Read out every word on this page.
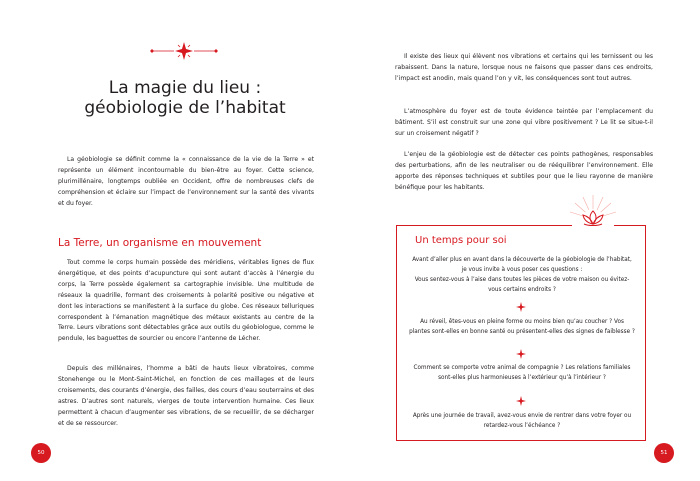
La magie du lieu :
géobiologie de l’habitat

La géobiologie se définit comme la « connaissance de la vie de la Terre » et représente un élément incontournable du bien-être au foyer. Cette science, plurimillénaire, longtemps oubliée en Occident, offre de nombreuses clefs de compréhension et éclaire sur l’impact de l’environnement sur la santé des vivants et du foyer.

La Terre, un organisme en mouvement

Tout comme le corps humain possède des méridiens, véritables lignes de flux énergétique, et des points d’acupuncture qui sont autant d’accès à l’énergie du corps, la Terre possède également sa cartographie invisible. Une multitude de réseaux la quadrille, formant des croisements à polarité positive ou négative et dont les interactions se manifestent à la surface du globe. Ces réseaux telluriques correspondent à l’émanation magnétique des métaux existants au centre de la Terre. Leurs vibrations sont détectables grâce aux outils du géobiologue, comme le pendule, les baguettes de sourcier ou encore l’antenne de Lécher.

Depuis des millénaires, l’homme a bâti de hauts lieux vibratoires, comme Stonehenge ou le Mont-Saint-Michel, en fonction de ces maillages et de leurs croisements, des courants d’énergie, des failles, des cours d’eau souterrains et des astres. D’autres sont naturels, vierges de toute intervention humaine. Ces lieux permettent à chacun d’augmenter ses vibrations, de se recueillir, de se décharger et de se ressourcer.

50

Il existe des lieux qui élèvent nos vibrations et certains qui les ternissent ou les rabaissent. Dans la nature, lorsque nous ne faisons que passer dans ces endroits, l’impact est anodin, mais quand l’on y vit, les conséquences sont tout autres.

L’atmosphère du foyer est de toute évidence teintée par l’emplacement du bâtiment. S’il est construit sur une zone qui vibre positivement ? Le lit se situe-t-il sur un croisement négatif ?

L’enjeu de la géobiologie est de détecter ces points pathogènes, responsables des perturbations, afin de les neutraliser ou de rééquilibrer l’environnement. Elle apporte des réponses techniques et subtiles pour que le lieu rayonne de manière bénéfique pour les habitants.

Un temps pour soi

Avant d’aller plus en avant dans la découverte de la géobiologie de l’habitat, je vous invite à vous poser ces questions :

Vous sentez-vous à l’aise dans toutes les pièces de votre maison ou évitez-vous certains endroits ?

Au réveil, êtes-vous en pleine forme ou moins bien qu’au coucher ? Vos plantes sont-elles en bonne santé ou présentent-elles des signes de faiblesse ?

Comment se comporte votre animal de compagnie ? Les relations familiales sont-elles plus harmonieuses à l’extérieur qu’à l’intérieur ?

Après une journée de travail, avez-vous envie de rentrer dans votre foyer ou retardez-vous l’échéance ?

51
